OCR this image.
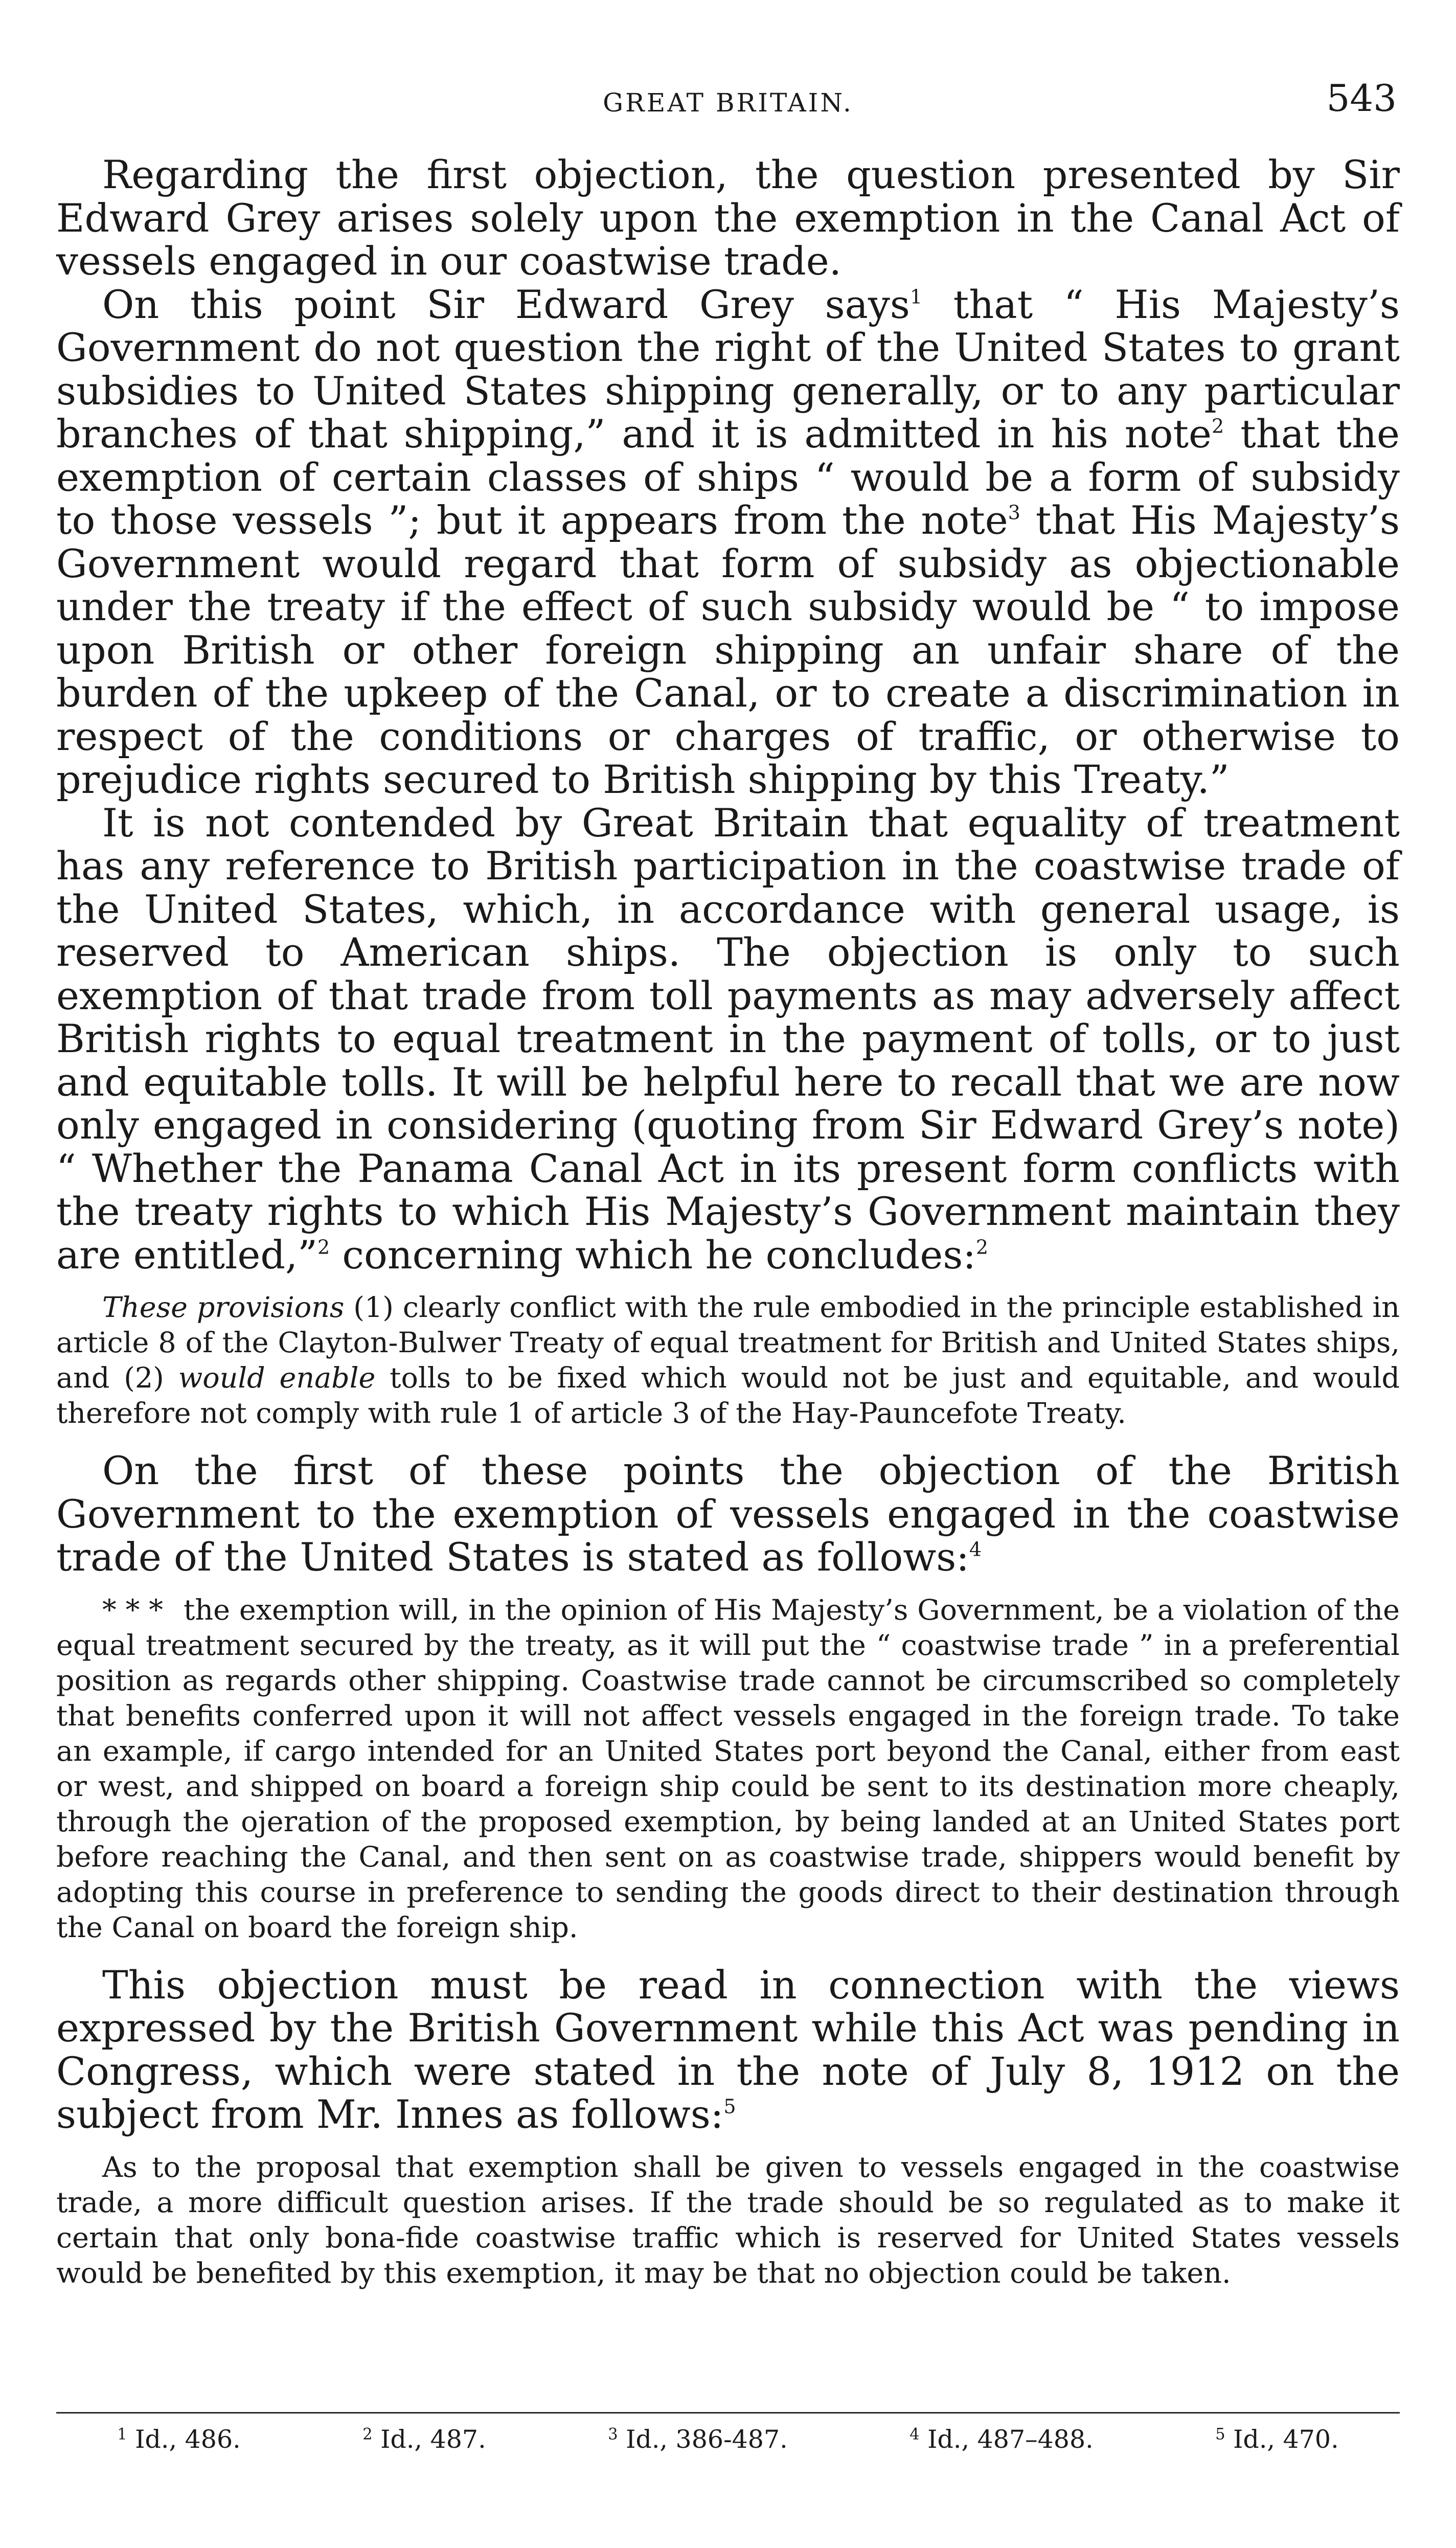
GREAT BRITAIN.	543

Regarding the first objection, the question presented by Sir Edward Grey arises solely upon the exemption in the Canal Act of vessels engaged in our coastwise trade.

On this point Sir Edward Grey says$^1$ that “ His Majesty’s Government do not question the right of the United States to grant subsidies to United States shipping generally, or to any particular branches of that shipping,” and it is admitted in his note$^2$ that the exemption of certain classes of ships “ would be a form of subsidy to those vessels ”; but it appears from the note$^3$ that His Majesty’s Government would regard that form of subsidy as objectionable under the treaty if the effect of such subsidy would be “ to impose upon British or other foreign shipping an unfair share of the burden of the upkeep of the Canal, or to create a discrimination in respect of the conditions or charges of traffic, or otherwise to prejudice rights secured to British shipping by this Treaty.”

It is not contended by Great Britain that equality of treatment has any reference to British participation in the coastwise trade of the United States, which, in accordance with general usage, is reserved to American ships. The objection is only to such exemption of that trade from toll payments as may adversely affect British rights to equal treatment in the payment of tolls, or to just and equitable tolls. It will be helpful here to recall that we are now only engaged in considering (quoting from Sir Edward Grey’s note) “ Whether the Panama Canal Act in its present form conflicts with the treaty rights to which His Majesty’s Government maintain they are entitled,”$^2$ concerning which he concludes:$^2$

These provisions (1) clearly conflict with the rule embodied in the principle established in article 8 of the Clayton-Bulwer Treaty of equal treatment for British and United States ships, and (2) would enable tolls to be fixed which would not be just and equitable, and would therefore not comply with rule 1 of article 3 of the Hay-Pauncefote Treaty.

On the first of these points the objection of the British Government to the exemption of vessels engaged in the coastwise trade of the United States is stated as follows:$^4$

* * * the exemption will, in the opinion of His Majesty’s Government, be a violation of the equal treatment secured by the treaty, as it will put the “ coastwise trade ” in a preferential position as regards other shipping. Coastwise trade cannot be circumscribed so completely that benefits conferred upon it will not affect vessels engaged in the foreign trade. To take an example, if cargo intended for an United States port beyond the Canal, either from east or west, and shipped on board a foreign ship could be sent to its destination more cheaply, through the ojeration of the proposed exemption, by being landed at an United States port before reaching the Canal, and then sent on as coastwise trade, shippers would benefit by adopting this course in preference to sending the goods direct to their destination through the Canal on board the foreign ship.

This objection must be read in connection with the views expressed by the British Government while this Act was pending in Congress, which were stated in the note of July 8, 1912 on the subject from Mr. Innes as follows:$^5$

As to the proposal that exemption shall be given to vessels engaged in the coastwise trade, a more difficult question arises. If the trade should be so regulated as to make it certain that only bona-fide coastwise traffic which is reserved for United States vessels would be benefited by this exemption, it may be that no objection could be taken.

$^1$ Id., 486.	$^2$ Id., 487.	$^3$ Id., 386-487.	$^4$ Id., 487–488.	$^5$ Id., 470.
